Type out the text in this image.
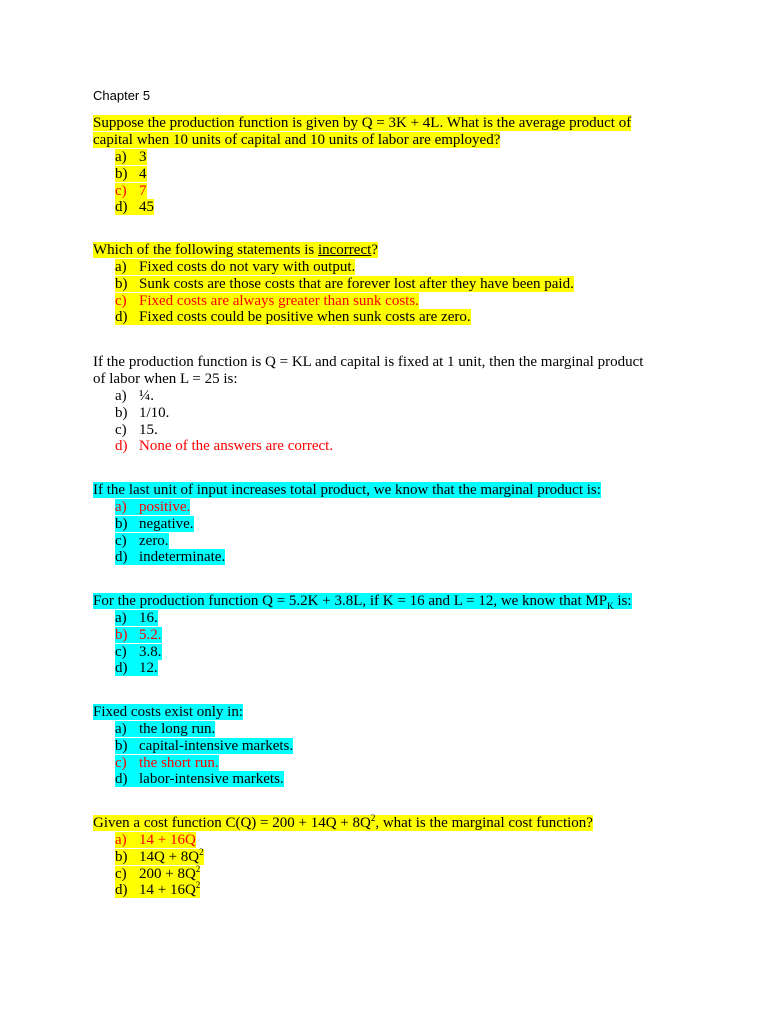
Chapter 5
Suppose the production function is given by Q = 3K + 4L. What is the average product of
capital when 10 units of capital and 10 units of labor are employed?
a) 3
b) 4
c) 7
d) 45
Which of the following statements is incorrect?
a) Fixed costs do not vary with output.
b) Sunk costs are those costs that are forever lost after they have been paid.
c) Fixed costs are always greater than sunk costs.
d) Fixed costs could be positive when sunk costs are zero.
If the production function is Q = KL and capital is fixed at 1 unit, then the marginal product
of labor when L = 25 is:
a) ¼.
b) 1/10.
c) 15.
d) None of the answers are correct.
If the last unit of input increases total product, we know that the marginal product is:
a) positive.
b) negative.
c) zero.
d) indeterminate.
For the production function Q = 5.2K + 3.8L, if K = 16 and L = 12, we know that $MP_K$ is:
a) 16.
b) 5.2.
c) 3.8.
d) 12.
Fixed costs exist only in:
a) the long run.
b) capital-intensive markets.
c) the short run.
d) labor-intensive markets.
Given a cost function $C(Q) = 200 + 14Q + 8Q^2$, what is the marginal cost function?
a) 14 + 16Q
b) $14Q + 8Q^2$
c) $200 + 8Q^2$
d) $14 + 16Q^2$
